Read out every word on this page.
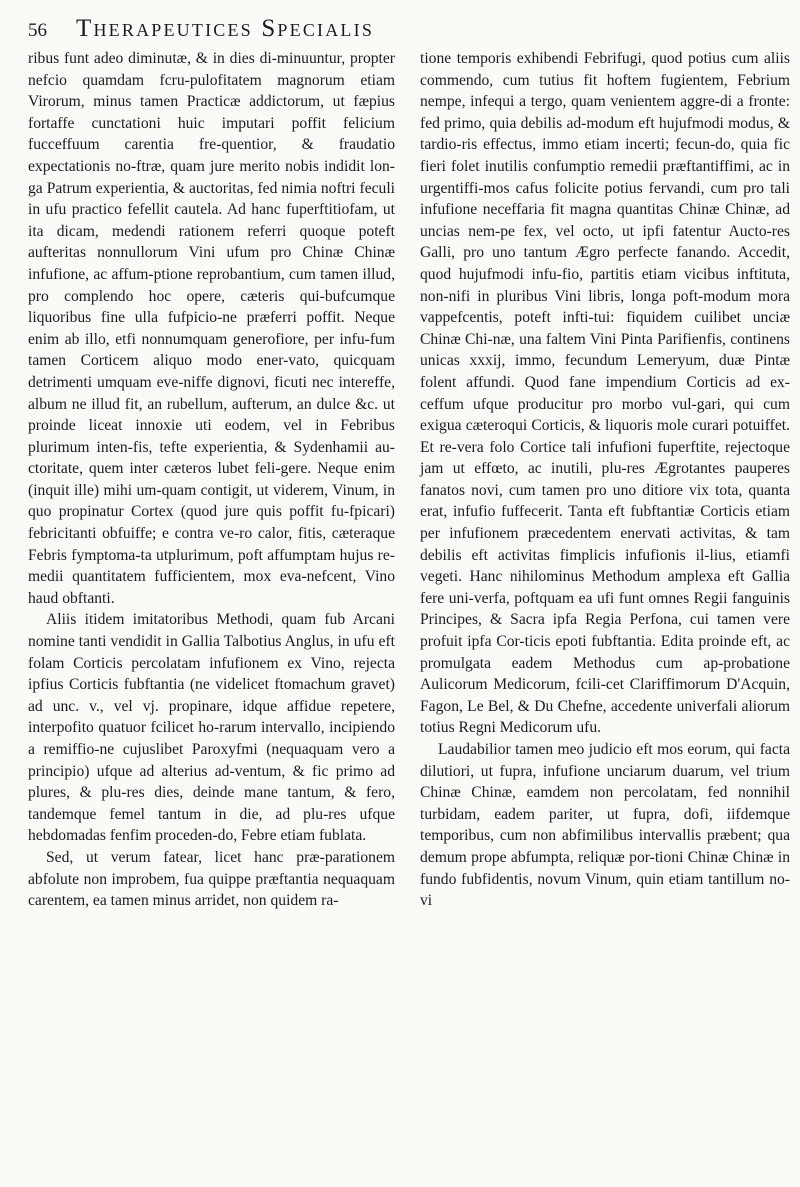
56	Therapeutices Specialis

ribus funt adeo diminutæ, & in dies di-minuuntur, propter nefcio quamdam fcru-pulofitatem magnorum etiam Virorum, minus tamen Practicæ addictorum, ut fæpius fortaffe cunctationi huic imputari poffit felicium fucceffuum carentia fre-quentior, & fraudatio expectationis no-ftræ, quam jure merito nobis indidit lon-ga Patrum experientia, & auctoritas, fed nimia noftri feculi in ufu practico fefellit cautela. Ad hanc fuperftitiofam, ut ita dicam, medendi rationem referri quoque poteft aufteritas nonnullorum Vini ufum pro Chinæ Chinæ infufione, ac affum-ptione reprobantium, cum tamen illud, pro complendo hoc opere, cæteris qui-bufcumque liquoribus fine ulla fufpicio-ne præferri poffit. Neque enim ab illo, etfi nonnumquam generofiore, per infu-fum tamen Corticem aliquo modo ener-vato, quicquam detrimenti umquam eve-niffe dignovi, ficuti nec intereffe, album ne illud fit, an rubellum, aufterum, an dulce &c. ut proinde liceat innoxie uti eodem, vel in Febribus plurimum inten-fis, tefte experientia, & Sydenhamii au-ctoritate, quem inter cæteros lubet feli-gere. Neque enim (inquit ille) mihi um-quam contigit, ut viderem, Vinum, in quo propinatur Cortex (quod jure quis poffit fu-fpicari) febricitanti obfuiffe; e contra ve-ro calor, fitis, cæteraque Febris fymptoma-ta utplurimum, poft affumptam hujus re-medii quantitatem fufficientem, mox eva-nefcent, Vino haud obftanti.

Aliis itidem imitatoribus Methodi, quam fub Arcani nomine tanti vendidit in Gallia Talbotius Anglus, in ufu eft folam Corticis percolatam infufionem ex Vino, rejecta ipfius Corticis fubftantia (ne videlicet ftomachum gravet) ad unc. v., vel vj. propinare, idque affidue repetere, interpofito quatuor fcilicet ho-rarum intervallo, incipiendo a remiffio-ne cujuslibet Paroxyfmi (nequaquam vero a principio) ufque ad alterius ad-ventum, & fic primo ad plures, & plu-res dies, deinde mane tantum, & fero, tandemque femel tantum in die, ad plu-res ufque hebdomadas fenfim proceden-do, Febre etiam fublata.

Sed, ut verum fatear, licet hanc præ-parationem abfolute non improbem, fua quippe præftantia nequaquam carentem, ea tamen minus arridet, non quidem ra-

tione temporis exhibendi Febrifugi, quod potius cum aliis commendo, cum tutius fit hoftem fugientem, Febrium nempe, infequi a tergo, quam venientem aggre-di a fronte: fed primo, quia debilis ad-modum eft hujufmodi modus, & tardio-ris effectus, immo etiam incerti; fecun-do, quia fic fieri folet inutilis confumptio remedii præftantiffimi, ac in urgentiffi-mos cafus folicite potius fervandi, cum pro tali infufione neceffaria fit magna quantitas Chinæ Chinæ, ad uncias nem-pe fex, vel octo, ut ipfi fatentur Aucto-res Galli, pro uno tantum Ægro perfecte fanando. Accedit, quod hujufmodi infu-fio, partitis etiam vicibus inftituta, non-nifi in pluribus Vini libris, longa poft-modum mora vappefcentis, poteft infti-tui: fiquidem cuilibet unciæ Chinæ Chi-næ, una faltem Vini Pinta Parifienfis, continens unicas xxxij, immo, fecundum Lemeryum, duæ Pintæ folent affundi. Quod fane impendium Corticis ad ex-ceffum ufque producitur pro morbo vul-gari, qui cum exigua cæteroqui Corticis, & liquoris mole curari potuiffet. Et re-vera folo Cortice tali infufioni fuperftite, rejectoque jam ut effœto, ac inutili, plu-res Ægrotantes pauperes fanatos novi, cum tamen pro uno ditiore vix tota, quanta erat, infufio fuffecerit. Tanta eft fubftantiæ Corticis etiam per infufionem præcedentem enervati activitas, & tam debilis eft activitas fimplicis infufionis il-lius, etiamfi vegeti. Hanc nihilominus Methodum amplexa eft Gallia fere uni-verfa, poftquam ea ufi funt omnes Regii fanguinis Principes, & Sacra ipfa Regia Perfona, cui tamen vere profuit ipfa Cor-ticis epoti fubftantia. Edita proinde eft, ac promulgata eadem Methodus cum ap-probatione Aulicorum Medicorum, fcili-cet Clariffimorum D'Acquin, Fagon, Le Bel, & Du Chefne, accedente univerfali aliorum totius Regni Medicorum ufu.

Laudabilior tamen meo judicio eft mos eorum, qui facta dilutiori, ut fupra, infufione unciarum duarum, vel trium Chinæ Chinæ, eamdem non percolatam, fed nonnihil turbidam, eadem pariter, ut fupra, dofi, iifdemque temporibus, cum non abfimilibus intervallis præbent; qua demum prope abfumpta, reliquæ por-tioni Chinæ Chinæ in fundo fubfidentis, novum Vinum, quin etiam tantillum no-vi
